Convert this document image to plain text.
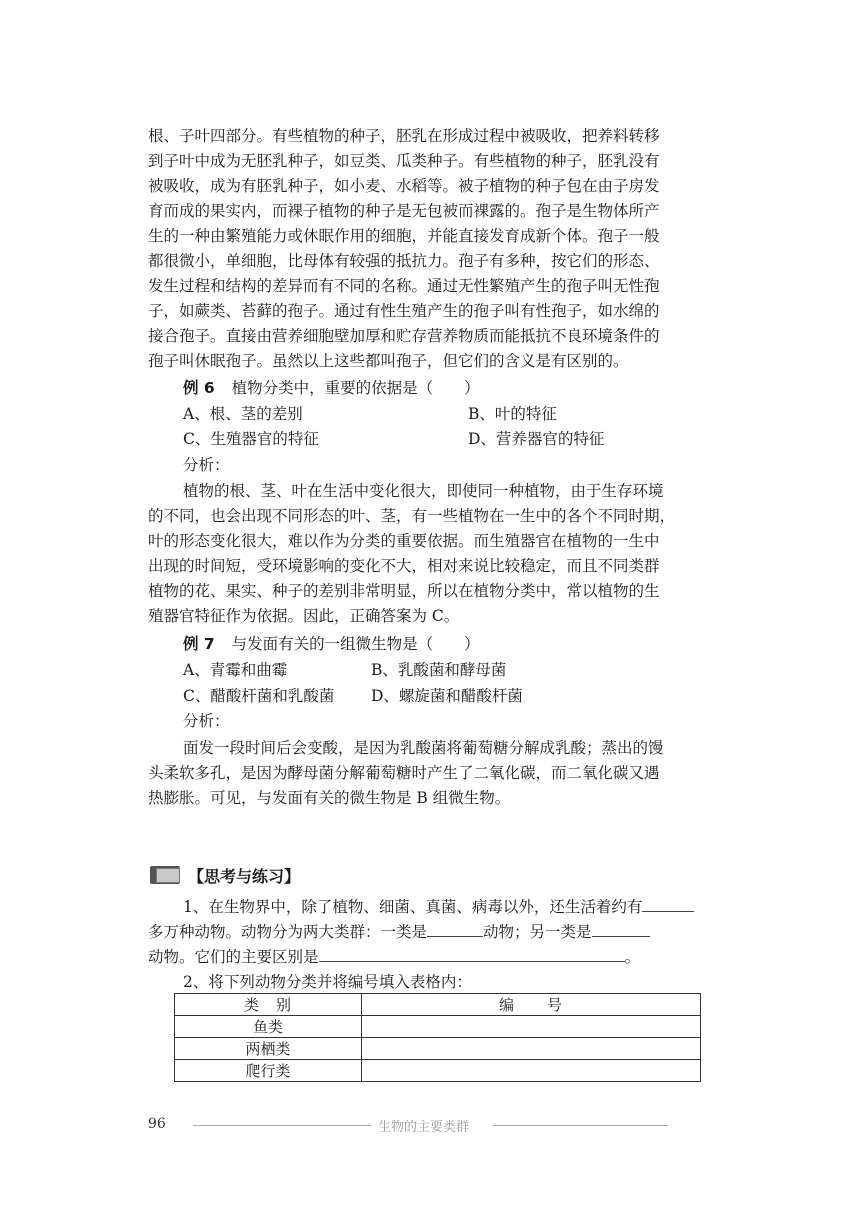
根、子叶四部分。有些植物的种子，胚乳在形成过程中被吸收，把养料转移
到子叶中成为无胚乳种子，如豆类、瓜类种子。有些植物的种子，胚乳没有
被吸收，成为有胚乳种子，如小麦、水稻等。被子植物的种子包在由子房发
育而成的果实内，而裸子植物的种子是无包被而裸露的。孢子是生物体所产
生的一种由繁殖能力或休眠作用的细胞，并能直接发育成新个体。孢子一般
都很微小，单细胞，比母体有较强的抵抗力。孢子有多种，按它们的形态、
发生过程和结构的差异而有不同的名称。通过无性繁殖产生的孢子叫无性孢
子，如蕨类、苔藓的孢子。通过有性生殖产生的孢子叫有性孢子，如水绵的
接合孢子。直接由营养细胞壁加厚和贮存营养物质而能抵抗不良环境条件的
孢子叫休眠孢子。虽然以上这些都叫孢子，但它们的含义是有区别的。
例 6 植物分类中，重要的依据是（　　）
A、根、茎的差别	B、叶的特征
C、生殖器官的特征	D、营养器官的特征
分析：
植物的根、茎、叶在生活中变化很大，即使同一种植物，由于生存环境
的不同，也会出现不同形态的叶、茎，有一些植物在一生中的各个不同时期，
叶的形态变化很大，难以作为分类的重要依据。而生殖器官在植物的一生中
出现的时间短，受环境影响的变化不大，相对来说比较稳定，而且不同类群
植物的花、果实、种子的差别非常明显，所以在植物分类中，常以植物的生
殖器官特征作为依据。因此，正确答案为 C。
例 7 与发面有关的一组微生物是（　　）
A、青霉和曲霉	B、乳酸菌和酵母菌
C、醋酸杆菌和乳酸菌 D、螺旋菌和醋酸杆菌
分析：
面发一段时间后会变酸，是因为乳酸菌将葡萄糖分解成乳酸；蒸出的馒
头柔软多孔，是因为酵母菌分解葡萄糖时产生了二氧化碳，而二氧化碳又遇
热膨胀。可见，与发面有关的微生物是 B 组微生物。
【思考与练习】
1、在生物界中，除了植物、细菌、真菌、病毒以外，还生活着约有
多万种动物。动物分为两大类群：一类是	动物；另一类是
动物。它们的主要区别是	。
2、将下列动物分类并将编号填入表格内：
类　别	编　　号
鱼类	
两栖类	
爬行类	
96	生物的主要类群
